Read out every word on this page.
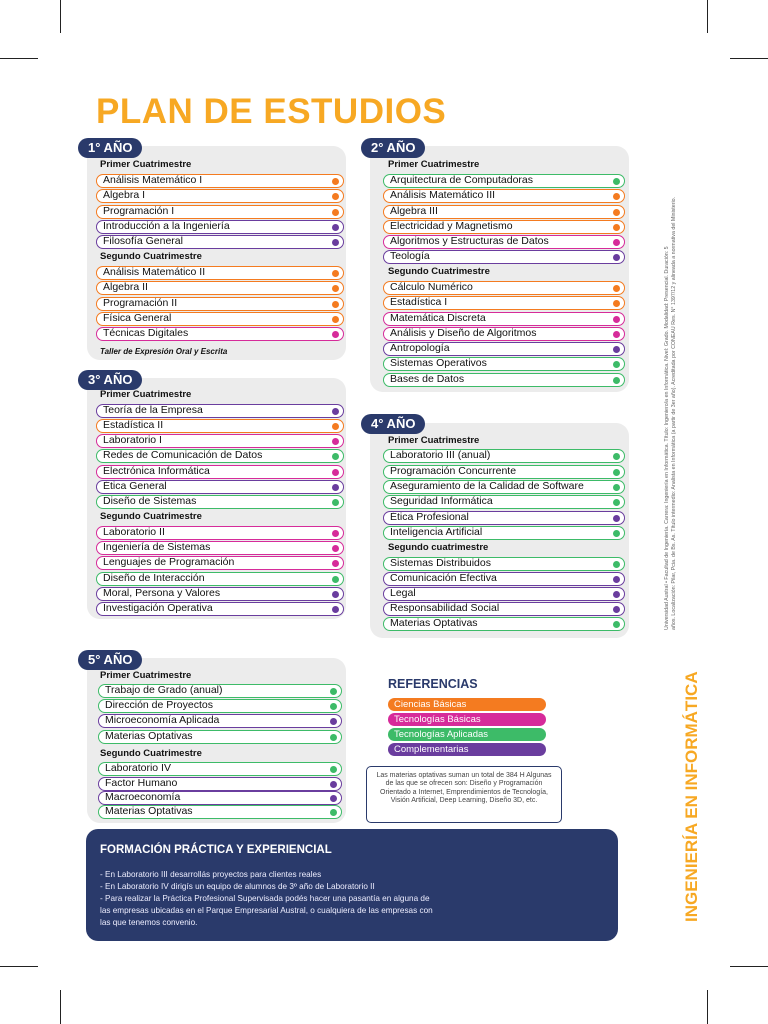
PLAN DE ESTUDIOS
1° AÑO	2° AÑO
3° AÑO
4° AÑO
5° AÑO
Primer Cuatrimestre
Segundo Cuatrimestre
Primer Cuatrimestre
Segundo Cuatrimestre
Primer Cuatrimestre
Segundo Cuatrimestre
Primer Cuatrimestre
Segundo cuatrimestre
Primer Cuatrimestre
Segundo Cuatrimestre
Análisis Matemático I
Álgebra I
Programación I
Introducción a la Ingeniería
Filosofía General
Análisis Matemático II
Álgebra II
Programación II
Física General
Técnicas Digitales
Arquitectura de Computadoras
Análisis Matemático III
Álgebra III
Electricidad y Magnetismo
Algoritmos y Estructuras de Datos
Teología
Cálculo Numérico
Estadística I
Matemática Discreta
Análisis y Diseño de Algoritmos
Antropología
Sistemas Operativos
Bases de Datos
Teoría de la Empresa
Estadística II
Laboratorio I
Redes de Comunicación de Datos
Electrónica Informática
Ética General
Diseño de Sistemas
Laboratorio II
Ingeniería de Sistemas
Lenguajes de Programación
Diseño de Interacción
Moral, Persona y Valores
Investigación Operativa
Laboratorio III (anual)
Programación Concurrente
Aseguramiento de la Calidad de Software
Seguridad Informática
Ética Profesional
Inteligencia Artificial
Sistemas Distribuidos
Comunicación Efectiva
Legal
Responsabilidad Social
Materias Optativas
Trabajo de Grado (anual)
Dirección de Proyectos
Microeconomía Aplicada
Materias Optativas
Laboratorio IV
Factor Humano
Macroeconomía
Materias Optativas
Taller de Expresión Oral y Escrita
REFERENCIAS
Ciencias Básicas
Tecnologías Básicas
Tecnologías Aplicadas
Complementarias
Las materias optativas suman un total de 384 H Algunas de las que se ofrecen son: Diseño y Programación Orientado a Internet, Emprendimientos de Tecnología, Visión Artificial, Deep Learning, Diseño 3D, etc.
FORMACIÓN PRÁCTICA Y EXPERIENCIAL
- En Laboratorio III desarrollás proyectos para clientes reales
- En Laboratorio IV dirigís un equipo de alumnos de 3º año de Laboratorio II
- Para realizar la Práctica Profesional Supervisada podés hacer una pasantía en alguna de
las empresas ubicadas en el Parque Empresarial Austral, o cualquiera de las empresas con
las que tenemos convenio.
INGENIERÍA EN INFORMÁTICA
Universidad Austral • Facultad de Ingeniería. Carrera: Ingeniería en Informática. Título: Ingeniero/a en Informática. Nivel: Grado. Modalidad: Presencial. Duración: 5 años. Localización: Pilar, Pcia. de Bs. As. Título intermedio: Analista en Informática (a partir de 3er año). Acreditada por CONEAU Res. N° 1397/12 y alineada a normativa del Ministerio.
